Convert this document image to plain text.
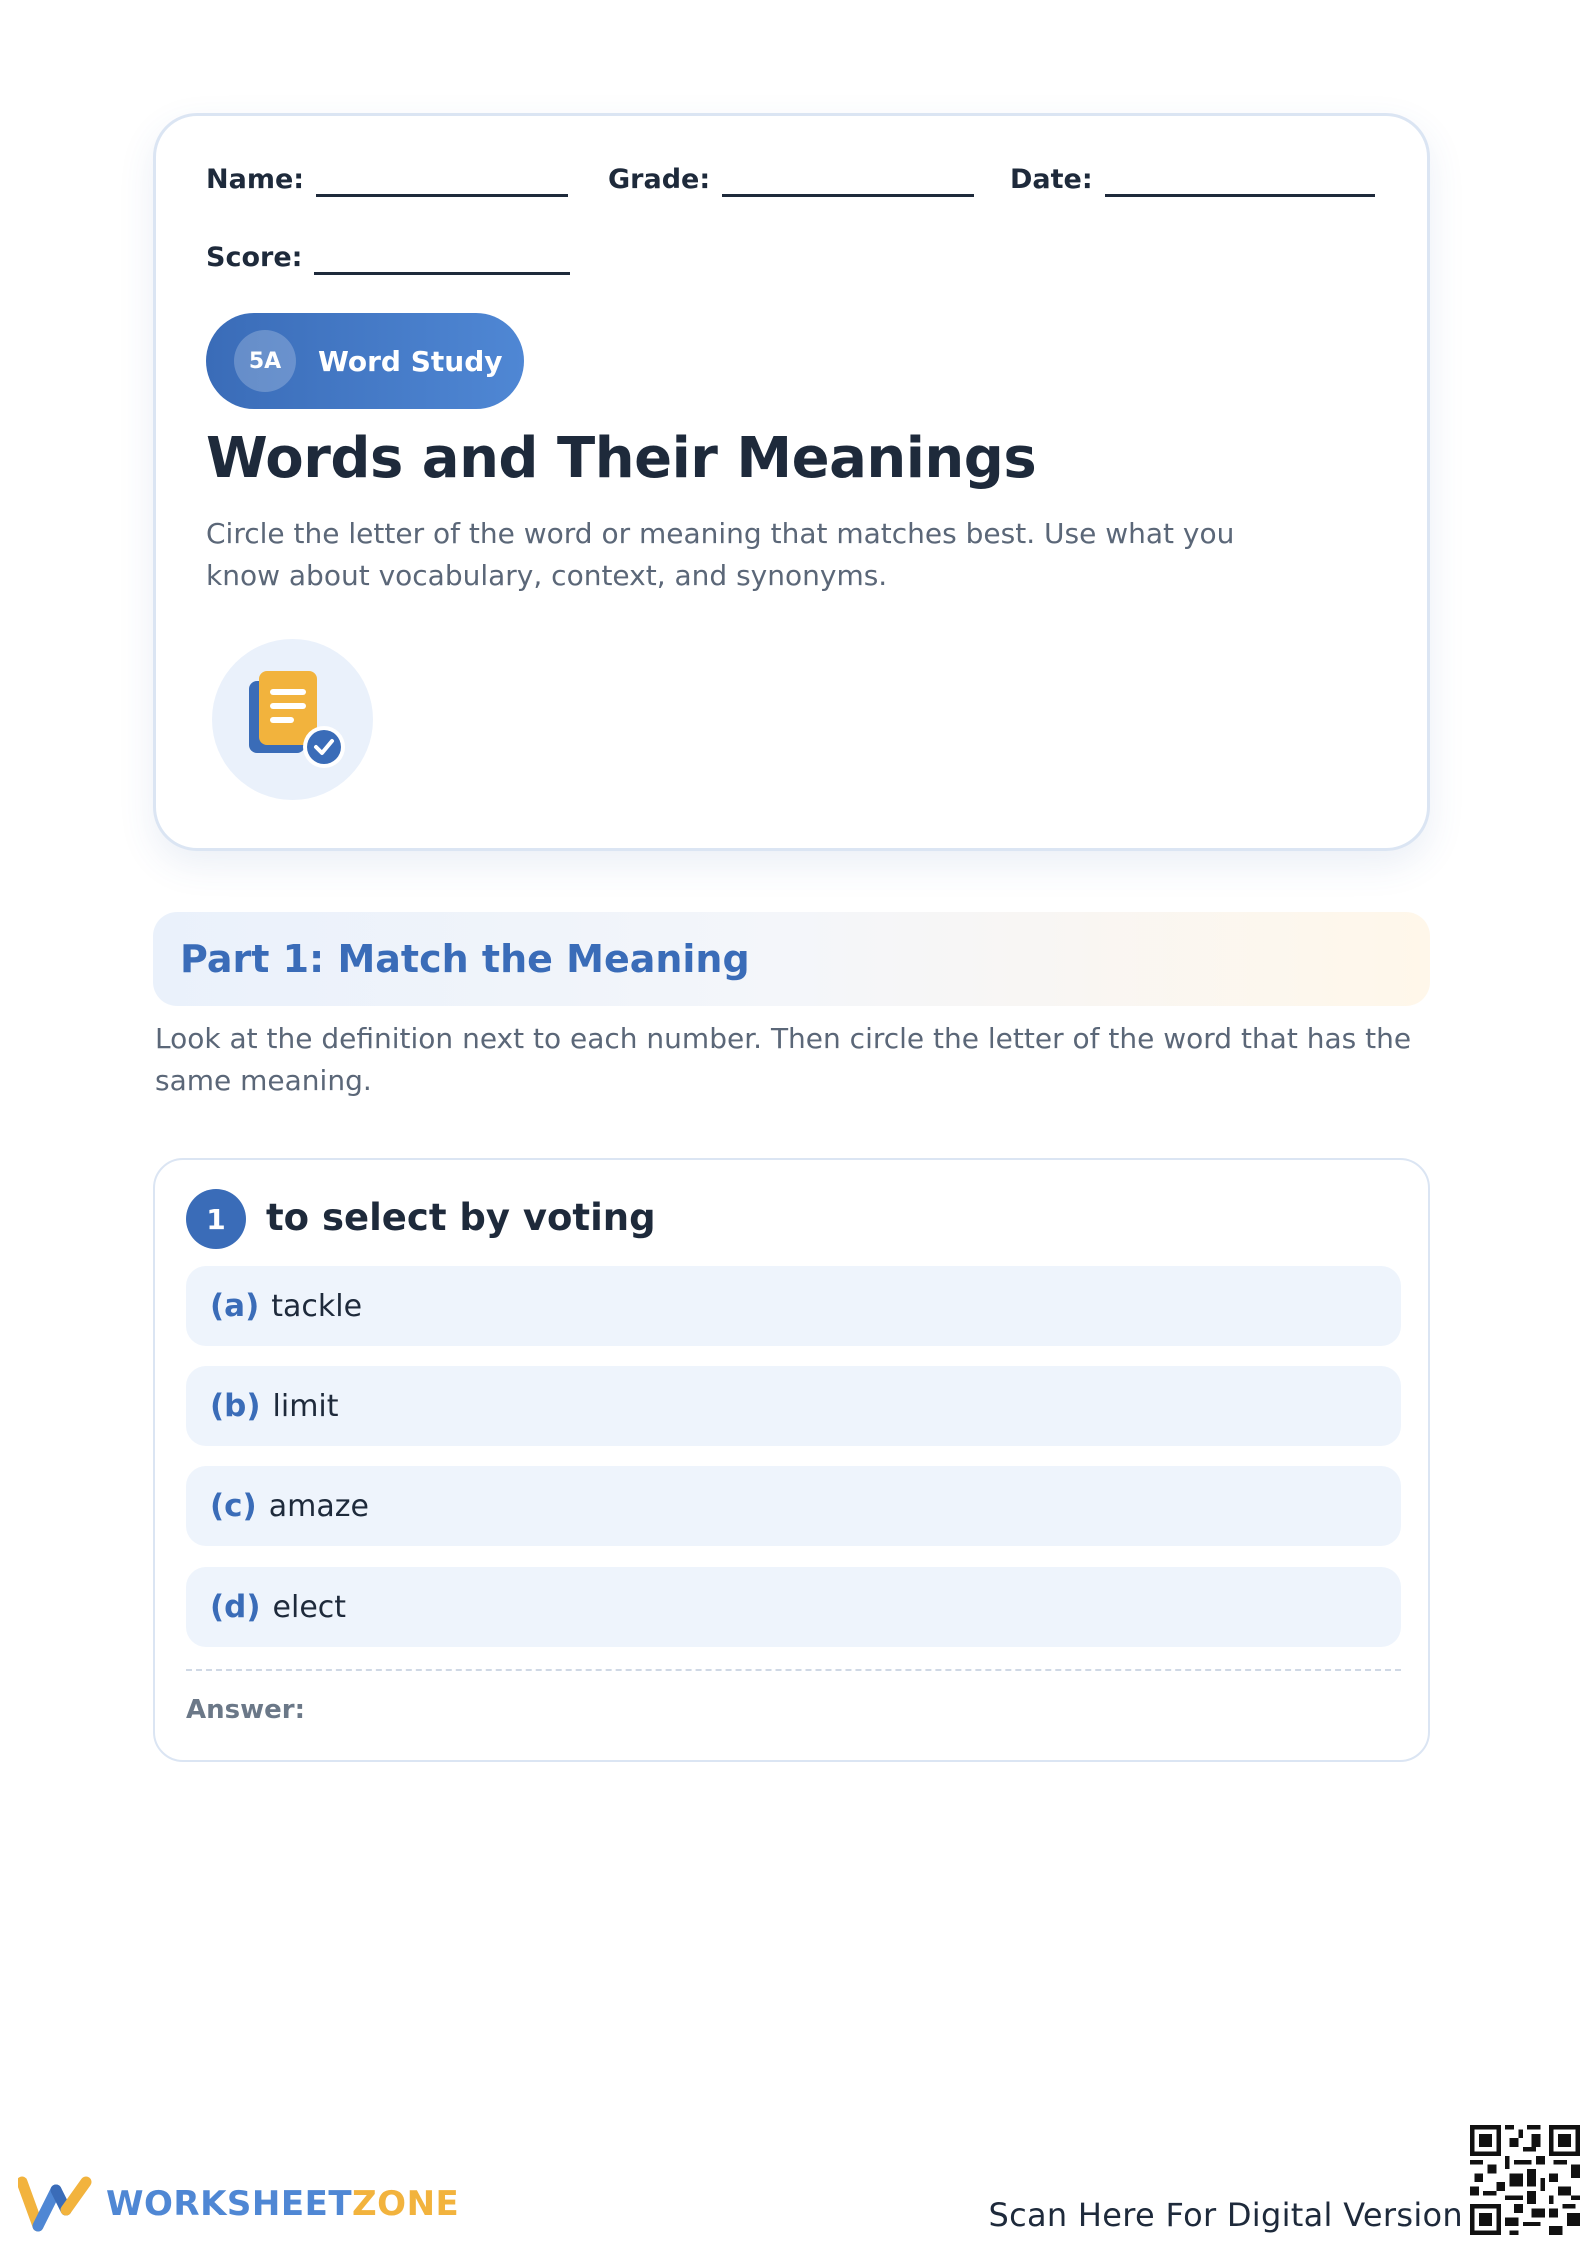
Name:	Grade:	Date:
Score:
5A	Word Study
Words and Their Meanings

Circle the letter of the word or meaning that matches best. Use what you know about vocabulary, context, and synonyms.

Part 1: Match the Meaning

Look at the definition next to each number. Then circle the letter of the word that has the same meaning.

1	to select by voting

(a) tackle
(b) limit
(c) amaze
(d) elect
Answer:
WORKSHEETZONE	Scan Here For Digital Version
